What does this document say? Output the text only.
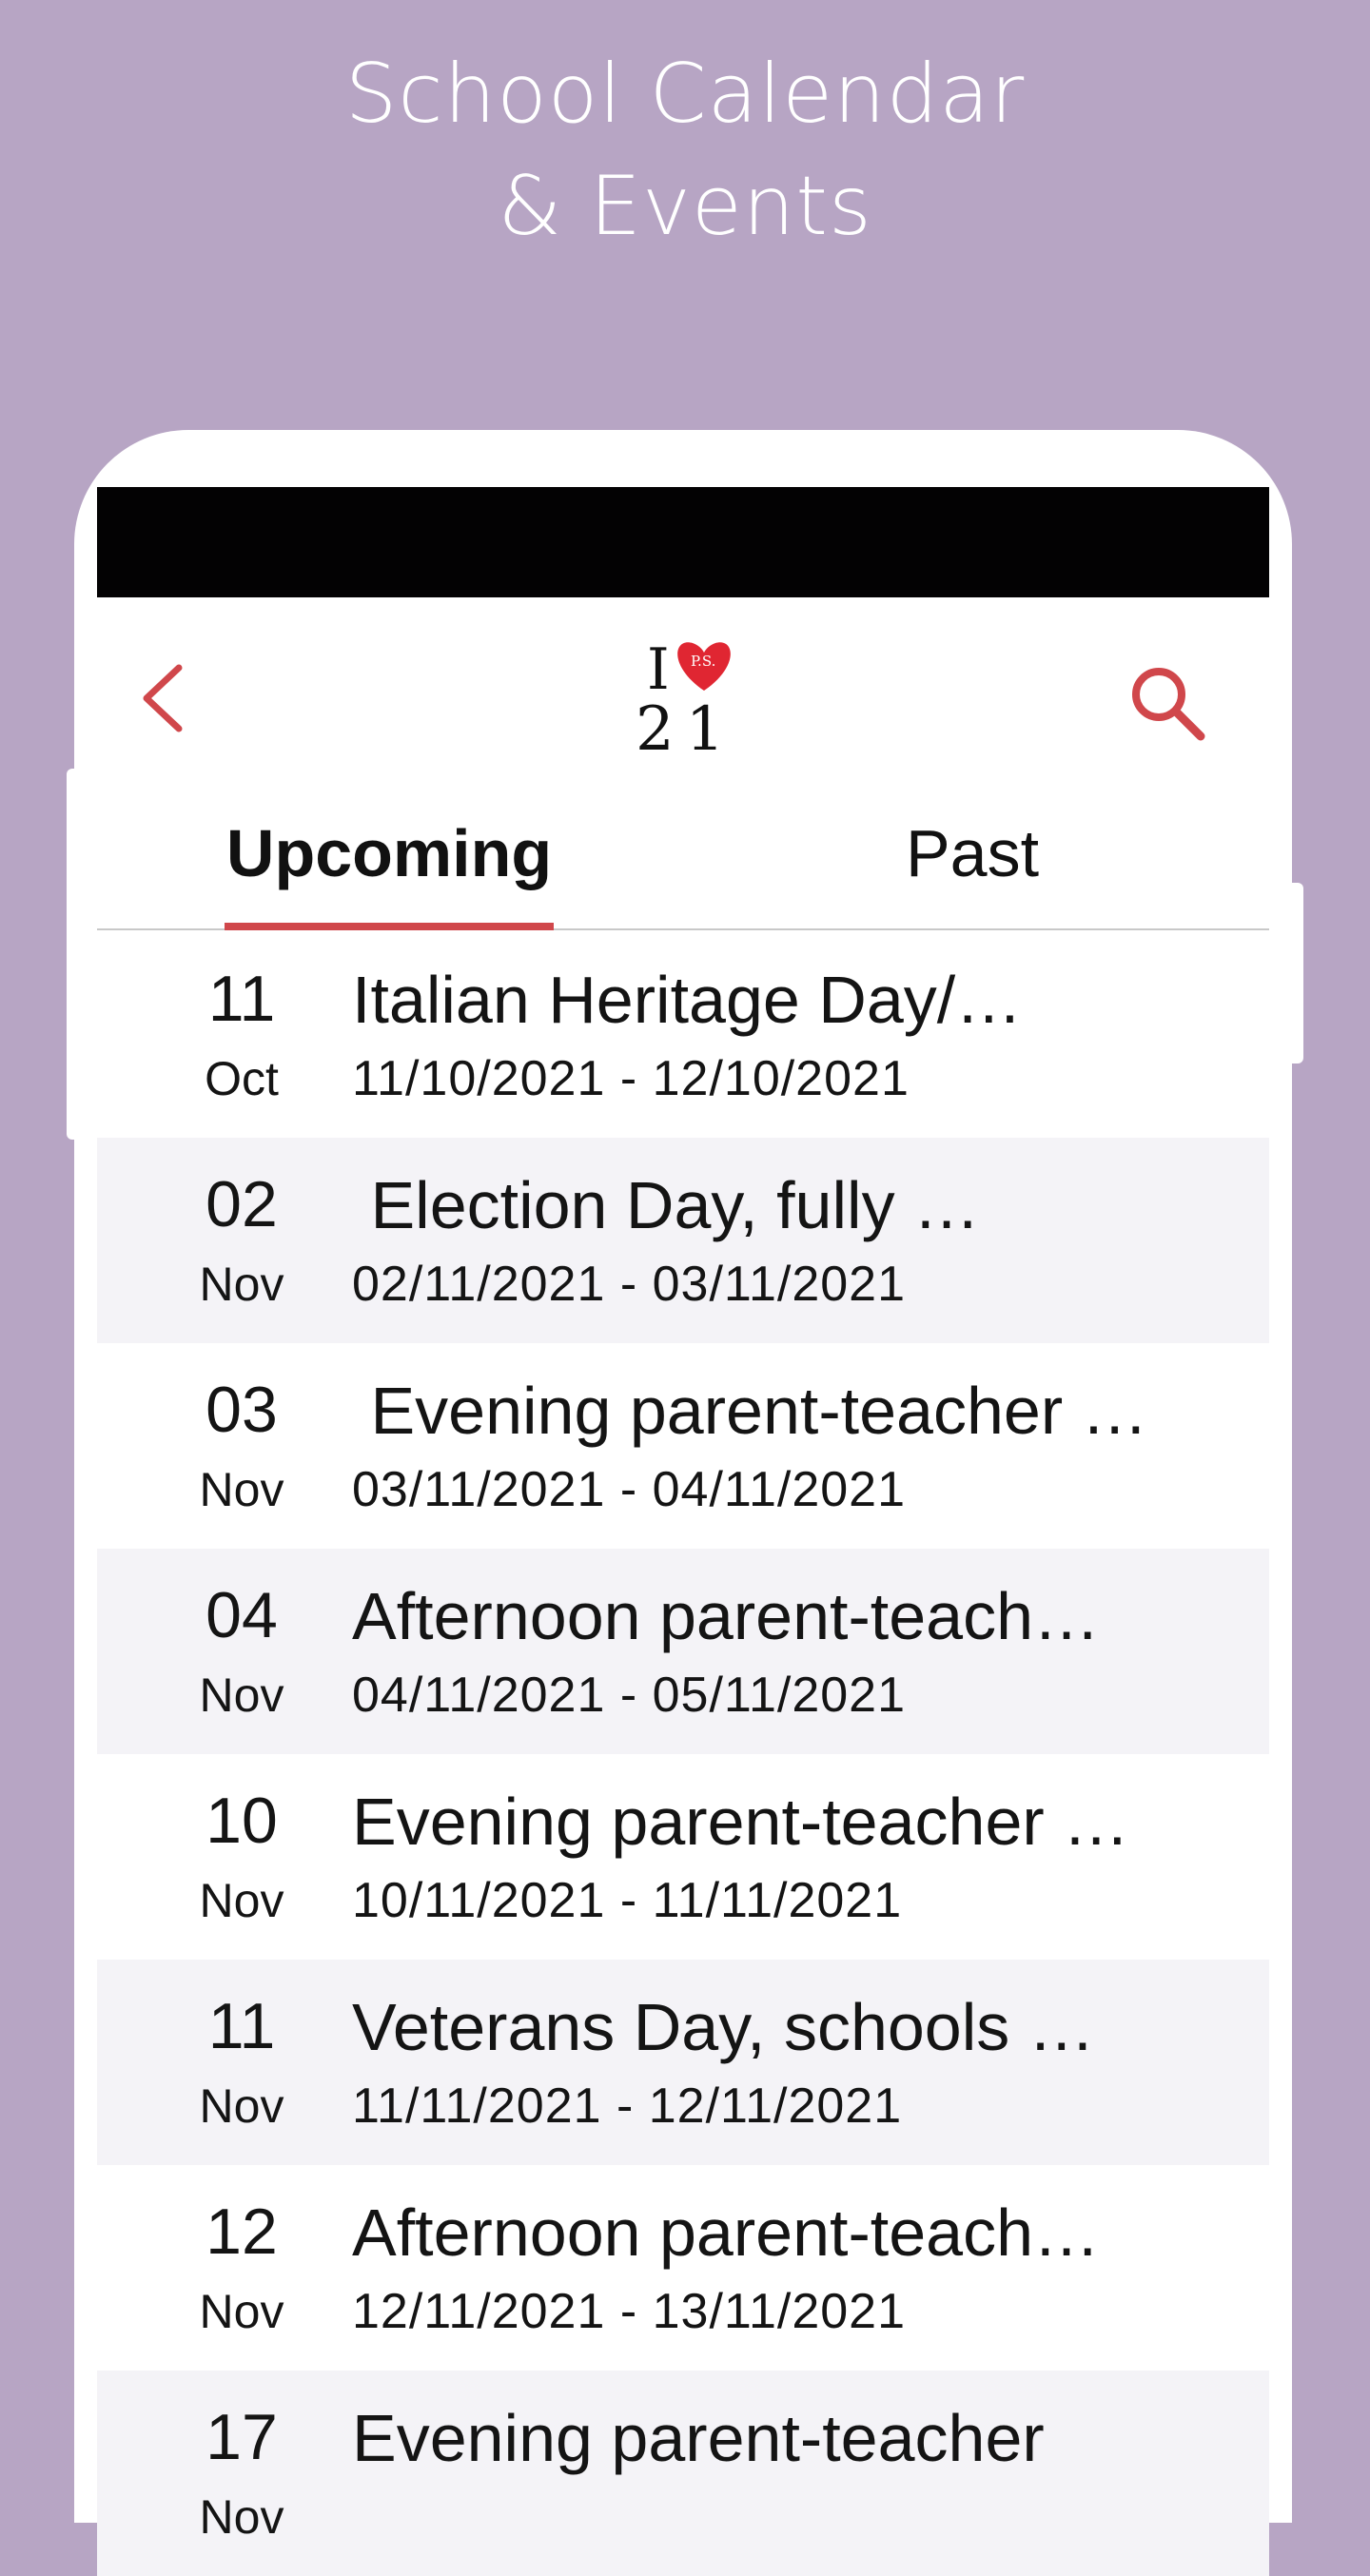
School Calendar
& Events
I P.S.
21
Upcoming	Past
11
Oct
Italian Heritage Day/…
11/10/2021 - 12/10/2021
02
Nov
Election Day, fully …
02/11/2021 - 03/11/2021
03
Nov
Evening parent-teacher …
03/11/2021 - 04/11/2021
04
Nov
Afternoon parent-teach…
04/11/2021 - 05/11/2021
10
Nov
Evening parent-teacher …
10/11/2021 - 11/11/2021
11
Nov
Veterans Day, schools …
11/11/2021 - 12/11/2021
12
Nov
Afternoon parent-teach…
12/11/2021 - 13/11/2021
17
Nov
Evening parent-teacher
